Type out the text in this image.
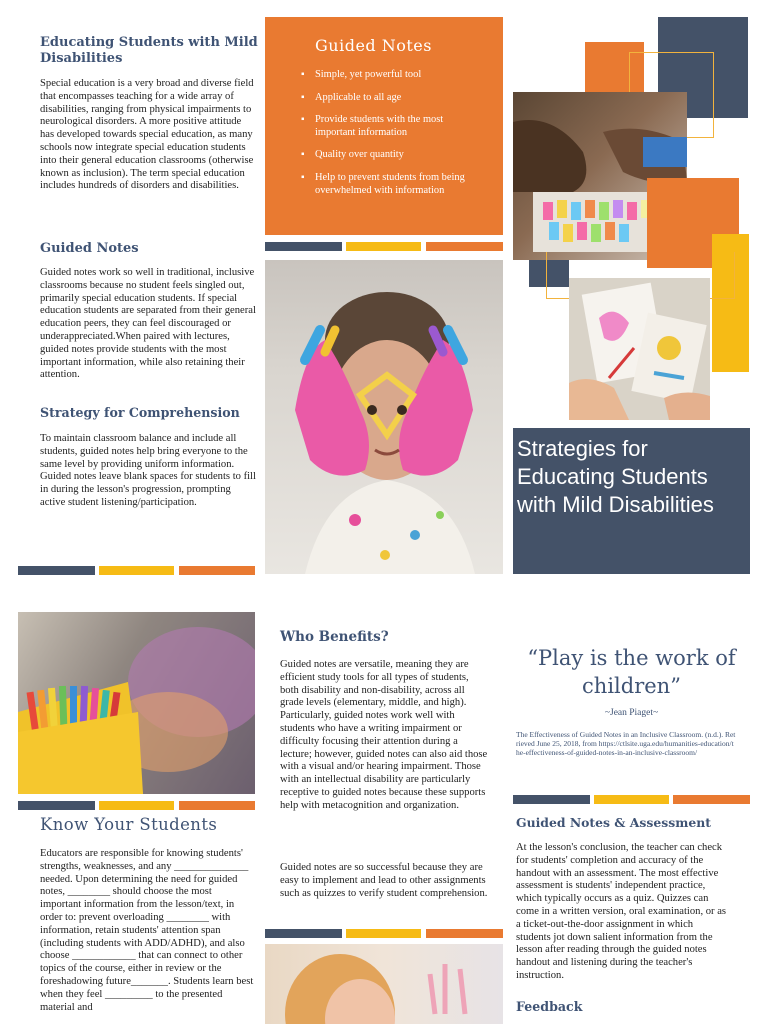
Educating Students with Mild Disabilities

Special education is a very broad and diverse field that encompasses teaching for a wide array of disabilities, ranging from physical impairments to neurological disorders. A more positive attitude has developed towards special education, as many schools now integrate special education students into their general education classrooms (otherwise known as inclusion). The term special education includes hundreds of disorders and disabilities.

Guided Notes

Guided notes work so well in traditional, inclusive classrooms because no student feels singled out, primarily special education students. If special education students are separated from their general education peers, they can feel discouraged or underappreciated.When paired with lectures, guided notes provide students with the most important information, while also retaining their attention.

Strategy for Comprehension

To maintain classroom balance and include all students, guided notes help bring everyone to the same level by providing uniform information. Guided notes leave blank spaces for students to fill in during the lesson's progression, prompting active student listening/participation.

Guided Notes
▪ Simple, yet powerful tool
▪ Applicable to all age
▪ Provide students with the most important information
▪ Quality over quantity
▪ Help to prevent students from being overwhelmed with information
Strategies for Educating Students with Mild Disabilities
Know Your Students

Educators are responsible for knowing students' strengths, weaknesses, and any ______________ needed. Upon determining the need for guided notes, ________ should choose the most important information from the lesson/text, in order to: prevent overloading ________ with information, retain students' attention span (including students with ADD/ADHD), and also choose ____________ that can connect to other topics of the course, either in review or the foreshadowing future_______. Students learn best when they feel _________ to the presented material and

Who Benefits?

Guided notes are versatile, meaning they are efficient study tools for all types of students, both disability and non-disability, across all grade levels (elementary, middle, and high). Particularly, guided notes work well with students who have a writing impairment or difficulty focusing their attention during a lecture; however, guided notes can also aid those with a visual and/or hearing impairment. Those with an intellectual disability are particularly receptive to guided notes because these supports help with metacognition and organization.

Guided notes are so successful because they are easy to implement and lead to other assignments such as quizzes to verify student comprehension.

“Play is the work of children”
~Jean Piaget~

The Effectiveness of Guided Notes in an Inclusive Classroom. (n.d.). Retrieved June 25, 2018, from https://ctlsite.uga.edu/humanities-education/the-effectiveness-of-guided-notes-in-an-inclusive-classroom/

Guided Notes & Assessment

At the lesson's conclusion, the teacher can check for students' completion and accuracy of the handout with an assessment. The most effective assessment is students' independent practice, which typically occurs as a quiz. Quizzes can come in a written version, oral examination, or as a ticket-out-the-door assignment in which students jot down salient information from the lesson after reading through the guided notes handout and listening during the teacher's instruction.

Feedback
